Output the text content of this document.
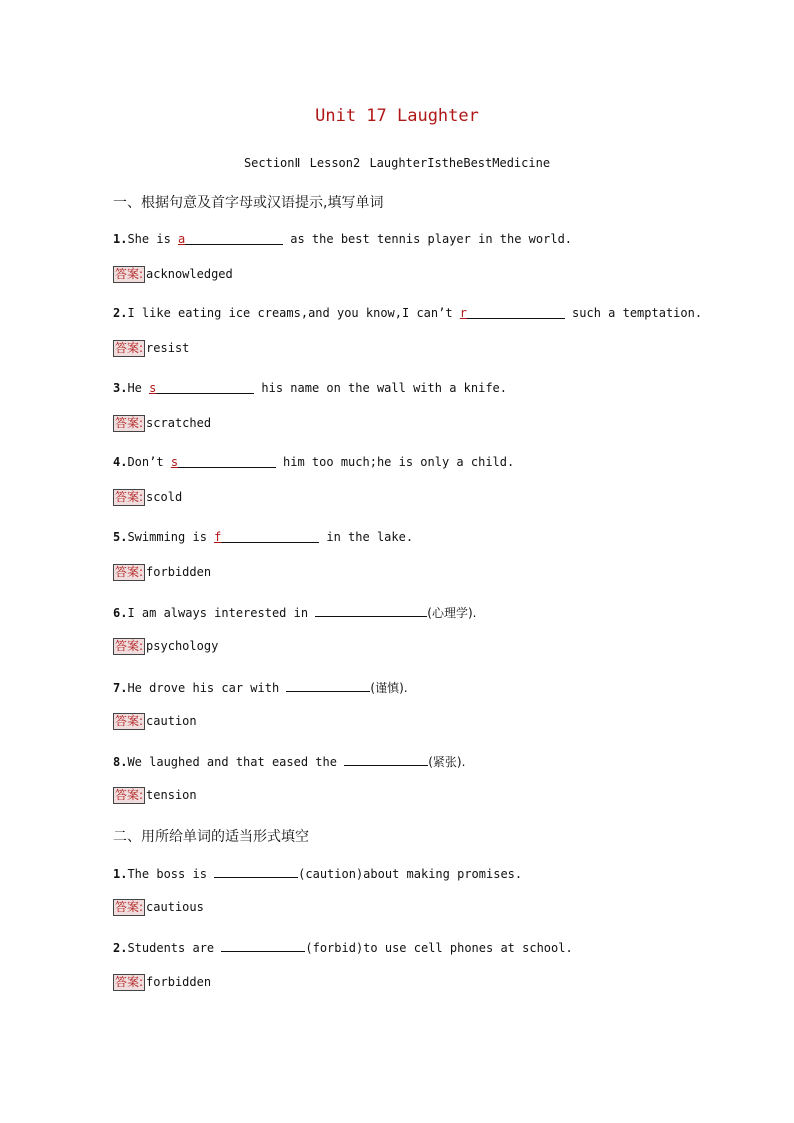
Unit 17 Laughter
SectionⅡ Lesson2 LaughterIstheBestMedicine
一、根据句意及首字母或汉语提示,填写单词
1.She is a	as the best tennis player in the world.
答案: acknowledged
2.I like eating ice creams,and you know,I can’t r	such a temptation.
答案: resist
3.He s	his name on the wall with a knife.
答案: scratched
4.Don’t s	him too much;he is only a child.
答案: scold
5.Swimming is f	in the lake.
答案: forbidden
6.I am always interested in	(心理学).
答案: psychology
7.He drove his car with	(谨慎).
答案: caution
8.We laughed and that eased the	(紧张).
答案: tension
二、用所给单词的适当形式填空
1.The boss is	(caution)about making promises.
答案: cautious
2.Students are	(forbid)to use cell phones at school.
答案: forbidden
